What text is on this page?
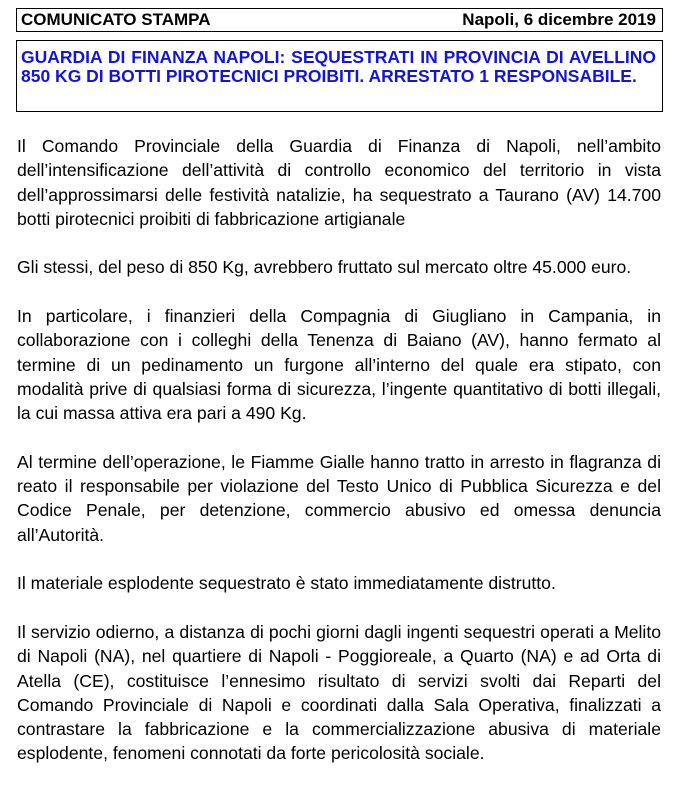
COMUNICATO STAMPA	Napoli, 6 dicembre 2019
GUARDIA DI FINANZA NAPOLI: SEQUESTRATI IN PROVINCIA DI AVELLINO 850 KG DI BOTTI PIROTECNICI PROIBITI. ARRESTATO 1 RESPONSABILE.

Il Comando Provinciale della Guardia di Finanza di Napoli, nell’ambito dell’intensificazione dell’attività di controllo economico del territorio in vista dell’approssimarsi delle festività natalizie, ha sequestrato a Taurano (AV) 14.700 botti pirotecnici proibiti di fabbricazione artigianale

Gli stessi, del peso di 850 Kg, avrebbero fruttato sul mercato oltre 45.000 euro.

In particolare, i finanzieri della Compagnia di Giugliano in Campania, in collaborazione con i colleghi della Tenenza di Baiano (AV), hanno fermato al termine di un pedinamento un furgone all’interno del quale era stipato, con modalità prive di qualsiasi forma di sicurezza, l’ingente quantitativo di botti illegali, la cui massa attiva era pari a 490 Kg.

Al termine dell’operazione, le Fiamme Gialle hanno tratto in arresto in flagranza di reato il responsabile per violazione del Testo Unico di Pubblica Sicurezza e del Codice Penale, per detenzione, commercio abusivo ed omessa denuncia all’Autorità.

Il materiale esplodente sequestrato è stato immediatamente distrutto.

Il servizio odierno, a distanza di pochi giorni dagli ingenti sequestri operati a Melito di Napoli (NA), nel quartiere di Napoli - Poggioreale, a Quarto (NA) e ad Orta di Atella (CE), costituisce l’ennesimo risultato di servizi svolti dai Reparti del Comando Provinciale di Napoli e coordinati dalla Sala Operativa, finalizzati a contrastare la fabbricazione e la commercializzazione abusiva di materiale esplodente, fenomeni connotati da forte pericolosità sociale.
